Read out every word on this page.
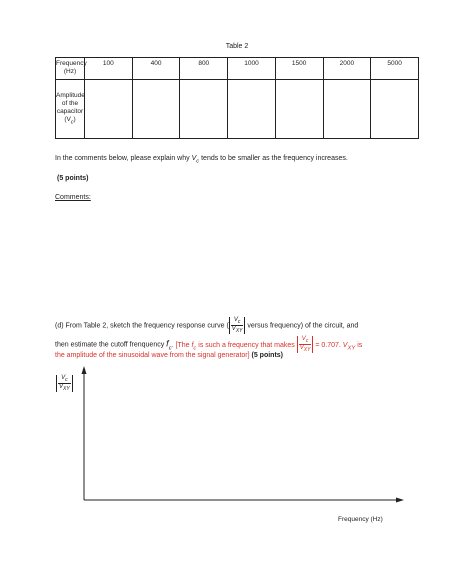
Table 2
Frequency (Hz)	100	400	800	1000	1500	2000	5000
Amplitude of the capacitor $(V_c)$							
In the comments below, please explain why $V_c$ tends to be smaller as the frequency increases.
(5 points)
Comments:
(d) From Table 2, sketch the frequency response curve ( $\frac{V_c}{V_{XY}}$ versus frequency) of the circuit, and
then estimate the cutoff frenquency $f_c$. [The $f_c$ is such a frequency that makes $\frac{V_c}{V_{XY}} = 0.707$. $V_{XY}$ is
the amplitude of the sinusoidal wave from the signal generator] (5 points)
$\frac{V_c}{V_{XY}}$
Frequency (Hz)
